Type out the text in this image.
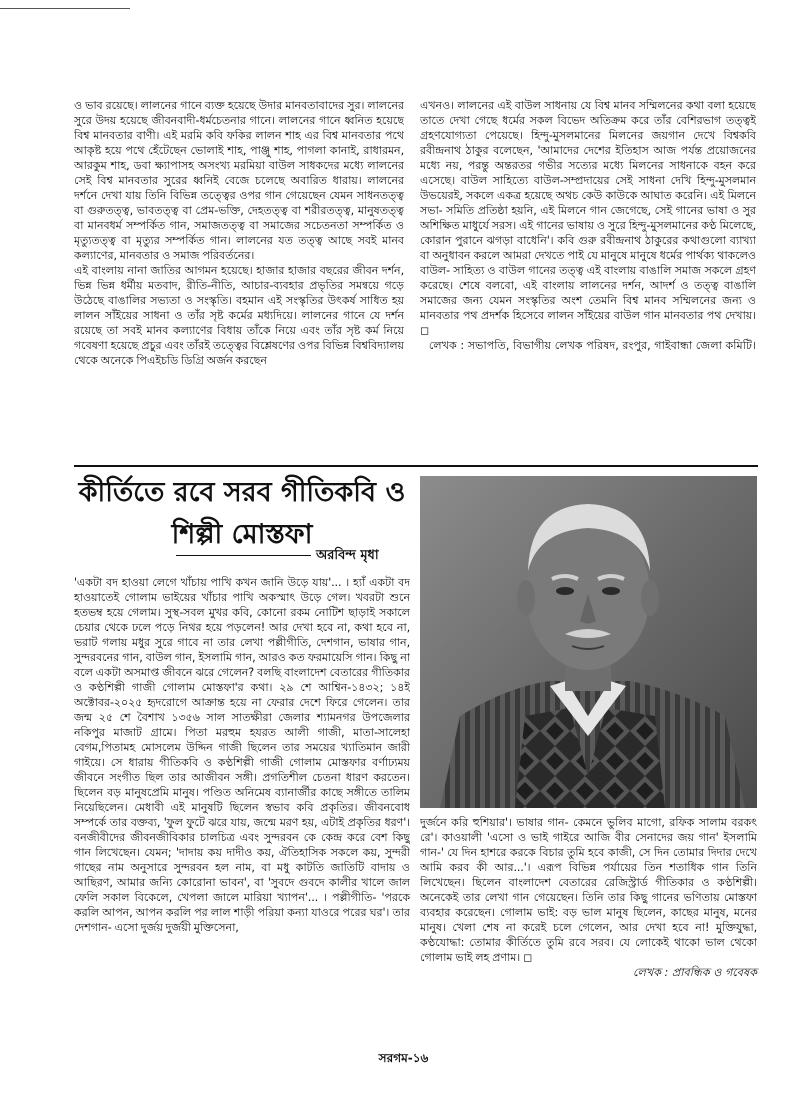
ও ভাব রয়েছে। লালনের গানে ব্যক্ত হয়েছে উদার মানবতাবাদের সুর। লালনের সুরে উদয় হয়েছে জীবনবাদী-ধর্মচেতনার গানে। লালনের গানে ধ্বনিত হয়েছে বিশ্ব মানবতার বাণী। এই মরমি কবি ফকির লালন শাহ এর বিশ্ব মানবতার পথে আকৃষ্ট হয়ে পথে হেঁটেছেন ভোলাই শাহ, পাঞ্জু শাহ, পাগলা কানাই, রাধারমন, আরকুম শাহ, ডবা ক্ষ্যাপাসহ অসংখ্য মরমিয়া বাউল সাধকদের মধ্যে লালনের সেই বিশ্ব মানবতার সুরের ধ্বনিই বেজে চলেছে অবারিত ধারায়। লালনের দর্শনে দেখা যায় তিনি বিভিন্ন তত্ত্বের ওপর গান গেয়েছেন যেমন সাধনতত্ত্ব বা গুরুতত্ত্ব, ভাবতত্ত্ব বা প্রেম-ভক্তি, দেহতত্ত্ব বা শরীরতত্ত্ব, মানুষতত্ত্ব বা মানবধর্ম সম্পর্কিত গান, সমাজতত্ত্ব বা সমাজের সচেতনতা সম্পর্কিত ও মৃত্যুতত্ত্ব বা মৃত্যুর সম্পর্কিত গান। লালনের যত তত্ত্ব আছে সবই মানব কল্যাণের, মানবতার ও সমাজ পরিবর্তনের।

এই বাংলায় নানা জাতির আগমন হয়েছে। হাজার হাজার বছরের জীবন দর্শন, ভিন্ন ভিন্ন ধর্মীয় মতবাদ, রীতি-নীতি, আচার-ব্যবহার প্রভৃতির সমন্বয়ে গড়ে উঠেছে বাঙালির সভ্যতা ও সংস্কৃতি। বহমান এই সংস্কৃতির উৎকর্ষ সাধিত হয় লালন সাঁইয়ের সাধনা ও তাঁর সৃষ্ট কর্মের মধ্যদিয়ে। লালনের গানে যে দর্শন রয়েছে তা সবই মানব কল্যাণের বিধায় তাঁকে নিয়ে এবং তাঁর সৃষ্ট কর্ম নিয়ে গবেষণা হয়েছে প্রচুর এবং তাঁরই তত্ত্বের বিশ্লেষণের ওপর বিভিন্ন বিশ্ববিদ্যালয় থেকে অনেকে পিএইচডি ডিগ্রি অর্জন করছেন

এখনও। লালনের এই বাউল সাধনায় যে বিশ্ব মানব সম্মিলনের কথা বলা হয়েছে তাতে দেখা গেছে ধর্মের সকল বিভেদ অতিক্রম করে তাঁর বেশিরভাগ তত্ত্বই গ্রহণযোগ্যতা পেয়েছে। হিন্দু-মুসলমানের মিলনের জয়গান দেখে বিশ্বকবি রবীন্দ্রনাথ ঠাকুর বলেছেন, 'আমাদের দেশের ইতিহাস আজ পর্যন্ত প্রয়োজনের মধ্যে নয়, পরন্তু অন্তরতর গভীর সত্যের মধ্যে মিলনের সাধনাকে বহন করে এসেছে। বাউল সাহিত্যে বাউল-সম্প্রদায়ের সেই সাধনা দেখি হিন্দু-মুসলমান উভয়েরই, সকলে একত্র হয়েছে অথচ কেউ কাউকে আঘাত করেনি। এই মিলনে সভা- সমিতি প্রতিষ্ঠা হয়নি, এই মিলনে গান জেগেছে, সেই গানের ভাষা ও সুর অশিক্ষিত মাধুর্যে সরস। এই গানের ভাষায় ও সুরে হিন্দু-মুসলমানের কণ্ঠ মিলেছে, কোরান পুরানে ঝগড়া বাধেনি'। কবি গুরু রবীন্দ্রনাথ ঠাকুরের কথাগুলো ব্যাখ্যা বা অনুধাবন করলে আমরা দেখতে পাই যে মানুষে মানুষে ধর্মের পার্থক্য থাকলেও বাউল- সাহিত্য ও বাউল গানের তত্ত্ব এই বাংলায় বাঙালি সমাজ সকলে গ্রহণ করেছে। শেষে বলবো, এই বাংলায় লালনের দর্শন, আদর্শ ও তত্ত্ব বাঙালি সমাজের জন্য যেমন সংস্কৃতির অংশ তেমনি বিশ্ব মানব সম্মিলনের জন্য ও মানবতার পথ প্রদর্শক হিসেবে লালন সাঁইয়ের বাউল গান মানবতার পথ দেখায়। ◻

লেখক : সভাপতি, বিভাগীয় লেখক পরিষদ, রংপুর, গাইবান্ধা জেলা কমিটি।

কীর্তিতে রবে সরব গীতিকবি ও
শিল্পী মোস্তফা
অরবিন্দ মৃধা

'একটা বদ হাওয়া লেগে খাঁচায় পাখি কখন জানি উড়ে যায়'... । হ্যাঁ একটা বদ হাওয়াতেই গোলাম ভাইয়ের খাঁচার পাখি অকস্মাৎ উড়ে গেল। খবরটা শুনে হতভম্ব হয়ে গেলাম। সুস্থ-সবল মুখর কবি, কোনো রকম নোটিশ ছাড়াই সকালে চেয়ার থেকে ঢলে পড়ে নিথর হয়ে পড়লেন! আর দেখা হবে না, কথা হবে না, ভরাট গলায় মধুর সুরে গাবে না তার লেখা পল্লীগীতি, দেশগান, ভাষার গান, সুন্দরবনের গান, বাউল গান, ইসলামি গান, আরও কত ফরমায়েসি গান। কিছু না বলে একটা অসমাপ্ত জীবনে ঝরে গেলেন? বলছি বাংলাদেশ বেতারের গীতিকার ও কণ্ঠশিল্পী গাজী গোলাম মোস্তফা'র কথা। ২৯ শে আশ্বিন-১৪৩২; ১৪ই অক্টোবর-২০২৫ হৃদরোগে আক্রান্ত হয়ে না ফেরার দেশে ফিরে গেলেন। তার জন্ম ২৫ শে বৈশাখ ১৩৫৬ সাল সাতক্ষীরা জেলার শ্যামনগর উপজেলার নকিপুর মাজাট গ্রামে। পিতা মরহুম হযরত আলী গাজী, মাতা-সালেহা বেগম,পিতামহ মোসলেম উদ্দিন গাজী ছিলেন তার সময়ের খ্যাতিমান জারী গাইয়ে। সে ধারায় গীতিকবি ও কণ্ঠশিল্পী গাজী গোলাম মোস্তফার বর্ণাঢ্যময় জীবনে সংগীত ছিল তার আজীবন সঙ্গী। প্রগতিশীল চেতনা ধারণ করতেন। ছিলেন বড় মানুষপ্রেমি মানুষ। পণ্ডিত অনিমেষ ব্যানার্জীর কাছে সঙ্গীতে তালিম নিয়েছিলেন। মেধাবী এই মানুষটি ছিলেন স্বভাব কবি প্রকৃতির। জীবনবোধ সম্পর্কে তার বক্তব্য, 'ফুল ফুটে ঝরে যায়, জন্মে মরণ হয়, এটাই প্রকৃতির ধরণ'। বনজীবীদের জীবনজীবিকার চালচিত্র এবং সুন্দরবন কে কেন্দ্র করে বেশ কিছু গান লিখেছেন। যেমন; 'দাদায় কয় দাদীও কয়, ঐতিহাসিক সকলে কয়, সুন্দরী গাছের নাম অনুসারে সুন্দরবন হল নাম, বা মধু কাটতি জাতিটি বাদায় ও আছিরণ, আমার জন্যি কোরোনা ভাবন', বা 'সুবদে গুবদে কালীর খালে জাল ফেলি সকাল বিকেলে, খেপলা জালে মারিয়া খ্যাপন'... । পল্লীগীতি- 'পরকে করলি আপন, আপন করলি পর লাল শাড়ী পরিয়া কন্যা যাওরে পরের ঘর'। তার দেশগান- এসো দুর্জয় দুর্জয়ী মুক্তিসেনা,

দুর্জনে করি হুশিয়ার'। ভাষার গান- কেমনে ভুলিব মাগো, রফিক সালাম বরকৎ রে'। কাওয়ালী 'এসো ও ভাই গাইরে আজি বীর সেনাদের জয় গান' ইসলামি গান-' যে দিন হাশরে করকে বিচার তুমি হবে কাজী, সে দিন তোমার দিদার দেখে আমি করব কী আর...'। এরূপ বিভিন্ন পর্যায়ের তিন শতাধিক গান তিনি লিখেছেন। ছিলেন বাংলাদেশ বেতারের রেজিস্ট্রার্ড গীতিকার ও কণ্ঠশিল্পী। অনেকেই তার লেখা গান গেয়েছেন। তিনি তার কিছু গানের ভণিতায় মোস্তফা ব্যবহার করেছেন। গোলাম ভাই: বড় ভাল মানুষ ছিলেন, কাছের মানুষ, মনের মানুষ। খেলা শেষ না করেই চলে গেলেন, আর দেখা হবে না! মুক্তিযুদ্ধা, কণ্ঠযোদ্ধা: তোমার কীর্তিতে তুমি রবে সরব। যে লোকেই থাকো ভাল থেকো গোলাম ভাই লহ প্রণাম। ◻

লেখক : প্রাবন্ধিক ও গবেষক

সরগম-১৬
